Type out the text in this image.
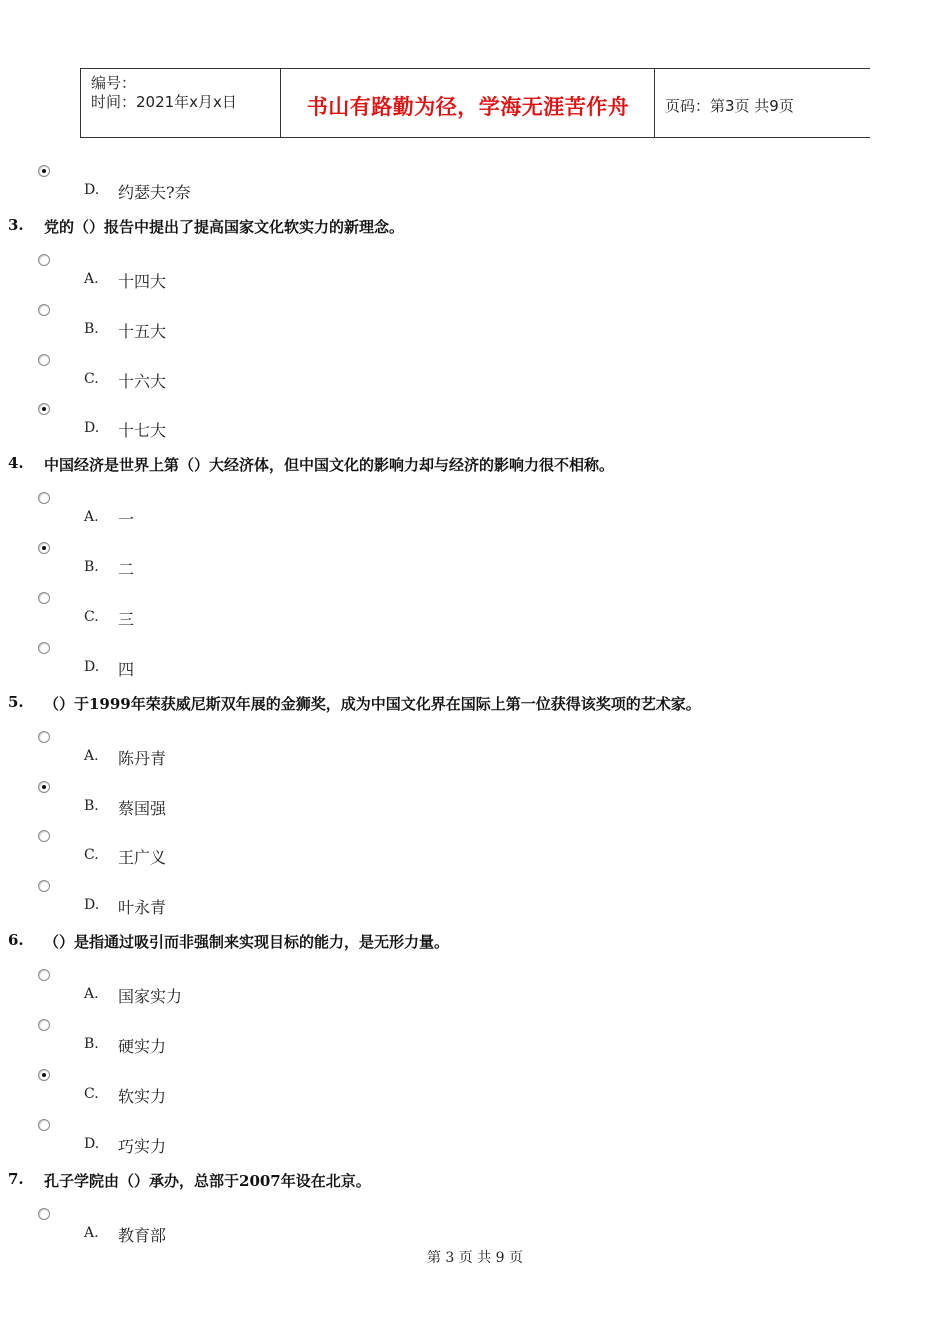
编号：
时间：2021年x月x日	书山有路勤为径，学海无涯苦作舟	页码：第3页 共9页
D. 约瑟夫?奈
3. 党的（）报告中提出了提高国家文化软实力的新理念。
A. 十四大
B. 十五大
C. 十六大
D. 十七大
4. 中国经济是世界上第（）大经济体，但中国文化的影响力却与经济的影响力很不相称。
A. 一
B. 二
C. 三
D. 四
5. （）于1999年荣获威尼斯双年展的金狮奖，成为中国文化界在国际上第一位获得该奖项的艺术家。
A. 陈丹青
B. 蔡国强
C. 王广义
D. 叶永青
6. （）是指通过吸引而非强制来实现目标的能力，是无形力量。
A. 国家实力
B. 硬实力
C. 软实力
D. 巧实力
7. 孔子学院由（）承办，总部于2007年设在北京。
A. 教育部
第 3 页 共 9 页
